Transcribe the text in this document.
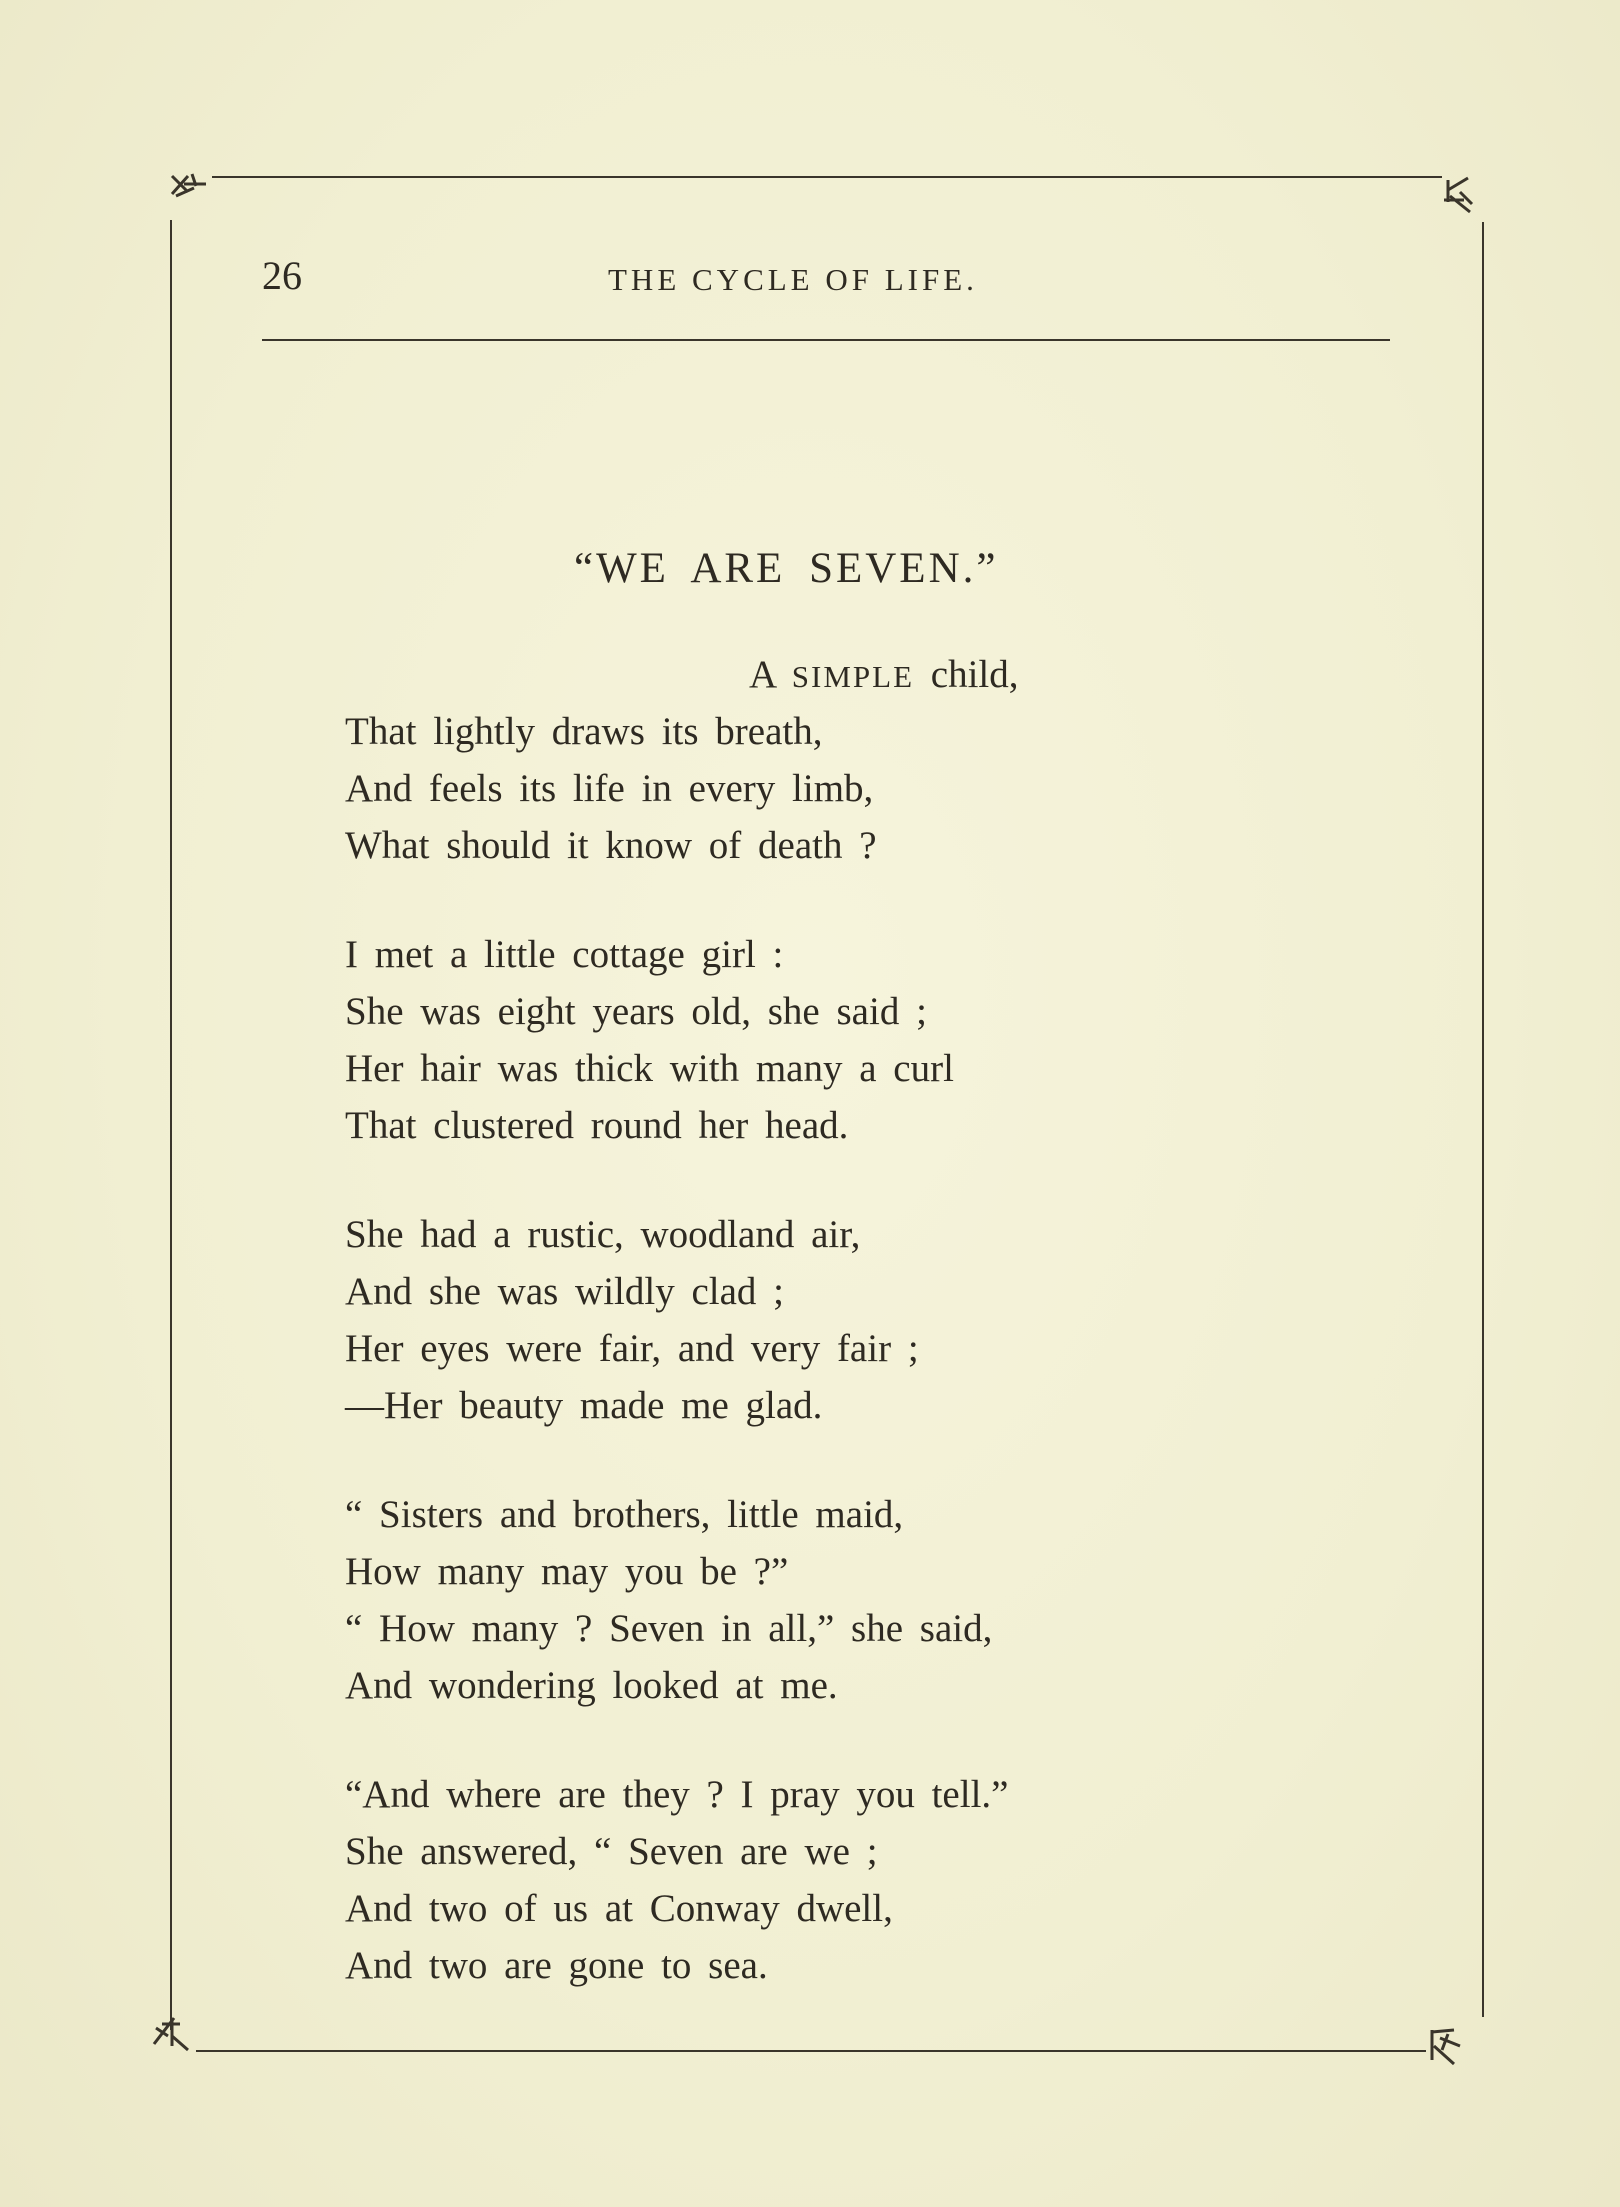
26	THE CYCLE OF LIFE.
“WE ARE SEVEN.”
A SIMPLE child,
That lightly draws its breath,
And feels its life in every limb,
What should it know of death ?
I met a little cottage girl :
She was eight years old, she said ;
Her hair was thick with many a curl
That clustered round her head.
She had a rustic, woodland air,
And she was wildly clad ;
Her eyes were fair, and very fair ;
—Her beauty made me glad.
“ Sisters and brothers, little maid,
How many may you be ?”
“ How many ? Seven in all,” she said,
And wondering looked at me.
“And where are they ? I pray you tell.”
She answered, “ Seven are we ;
And two of us at Conway dwell,
And two are gone to sea.
